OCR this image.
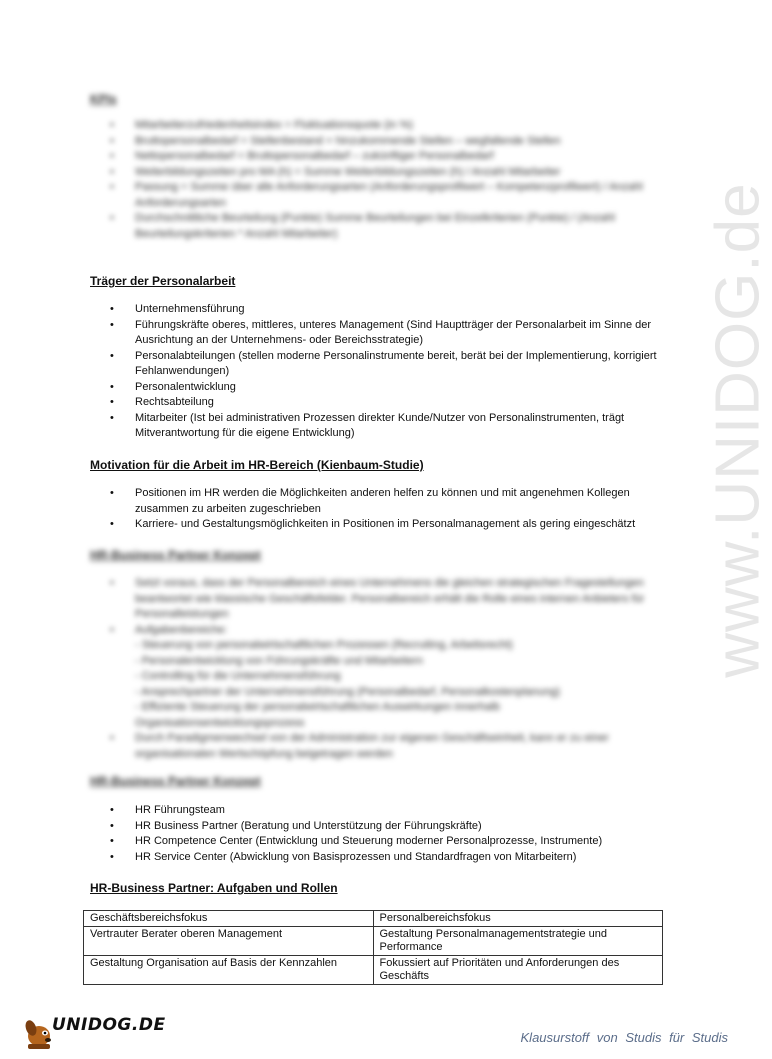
www.UNIDOG.de
KPIs
• Mitarbeiterzufriedenheitsindex = Fluktuationsquote (in %)
• Bruttopersonalbedarf = Stellenbestand + hinzukommende Stellen – wegfallende Stellen
• Nettopersonalbedarf = Bruttopersonalbedarf – zukünftiger Personalbedarf
• Weiterbildungszeiten pro MA (h) = Summe Weiterbildungszeiten (h) / Anzahl Mitarbeiter
• Passung = Summe über alle Anforderungsarten (Anforderungsprofilwert – Kompetenzprofilwert) / Anzahl Anforderungsarten
• Durchschnittliche Beurteilung (Punkte) Summe Beurteilungen bei Einzelkriterien (Punkte) / (Anzahl Beurteilungskriterien * Anzahl Mitarbeiter)
Träger der Personalarbeit
• Unternehmensführung
• Führungskräfte oberes, mittleres, unteres Management (Sind Hauptträger der Personalarbeit im Sinne der Ausrichtung an der Unternehmens- oder Bereichsstrategie)
• Personalabteilungen (stellen moderne Personalinstrumente bereit, berät bei der Implementierung, korrigiert Fehlanwendungen)
• Personalentwicklung
• Rechtsabteilung
• Mitarbeiter (Ist bei administrativen Prozessen direkter Kunde/Nutzer von Personalinstrumenten, trägt Mitverantwortung für die eigene Entwicklung)
Motivation für die Arbeit im HR-Bereich (Kienbaum-Studie)
• Positionen im HR werden die Möglichkeiten anderen helfen zu können und mit angenehmen Kollegen zusammen zu arbeiten zugeschrieben
• Karriere- und Gestaltungsmöglichkeiten in Positionen im Personalmanagement als gering eingeschätzt
HR-Business Partner Konzept
• Setzt voraus, dass der Personalbereich eines Unternehmens die gleichen strategischen Fragestellungen beantwortet wie klassische Geschäftsfelder. Personalbereich erhält die Rolle eines internen Anbieters für Personalleistungen
• Aufgabenbereiche:
- Steuerung von personalwirtschaftlichen Prozessen (Recruiting, Arbeitsrecht)
- Personalentwicklung von Führungskräfte und Mitarbeitern
- Controlling für die Unternehmensführung
- Ansprechpartner der Unternehmensführung (Personalbedarf, Personalkostenplanung)
- Effiziente Steuerung der personalwirtschaftlichen Auswirkungen innerhalb Organisationsentwicklungsprozess
• Durch Paradigmenwechsel von der Administration zur eigenen Geschäftseinheit, kann er zu einer organisationalen Wertschöpfung beigetragen werden
HR-Business Partner Konzept
• HR Führungsteam
• HR Business Partner (Beratung und Unterstützung der Führungskräfte)
• HR Competence Center (Entwicklung und Steuerung moderner Personalprozesse, Instrumente)
• HR Service Center (Abwicklung von Basisprozessen und Standardfragen von Mitarbeitern)
HR-Business Partner: Aufgaben und Rollen
Geschäftsbereichsfokus	Personalbereichsfokus
Vertrauter Berater oberen Management	Gestaltung Personalmanagementstrategie und Performance
Gestaltung Organisation auf Basis der Kennzahlen	Fokussiert auf Prioritäten und Anforderungen des Geschäfts
UNIDOG.DE
Klausurstoff von Studis für Studis
